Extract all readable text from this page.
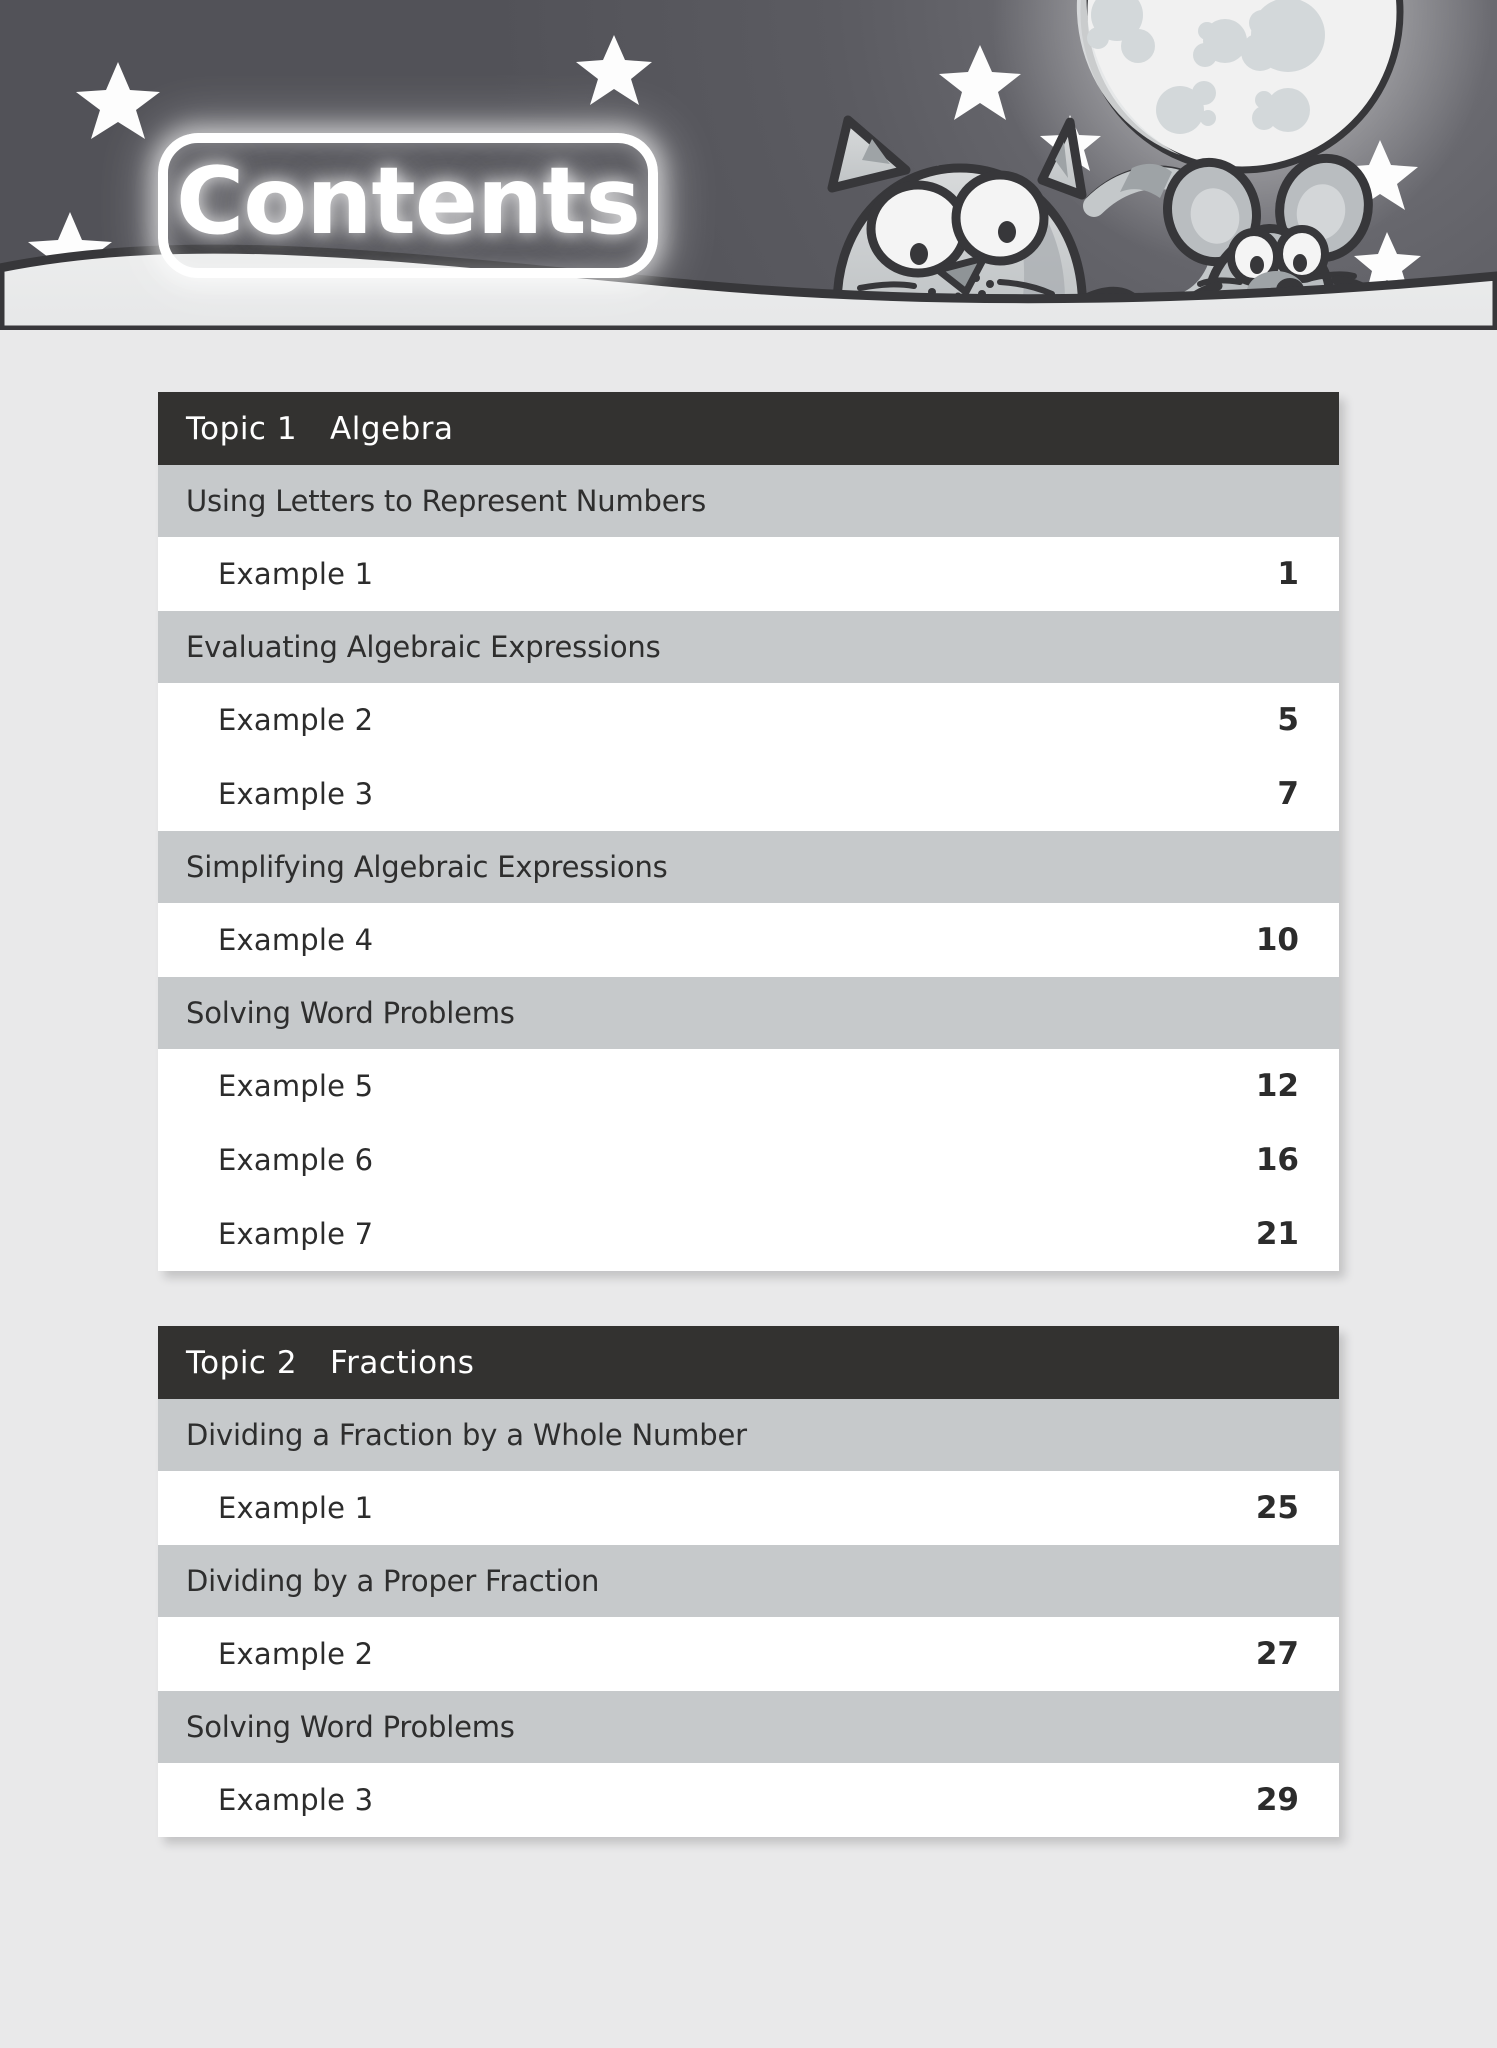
Contents
Topic 1	Algebra
Using Letters to Represent Numbers
Example 1	1
Evaluating Algebraic Expressions
Example 2	5
Example 3	7
Simplifying Algebraic Expressions
Example 4	10
Solving Word Problems
Example 5	12
Example 6	16
Example 7	21
Topic 2	Fractions
Dividing a Fraction by a Whole Number
Example 1	25
Dividing by a Proper Fraction
Example 2	27
Solving Word Problems
Example 3	29
